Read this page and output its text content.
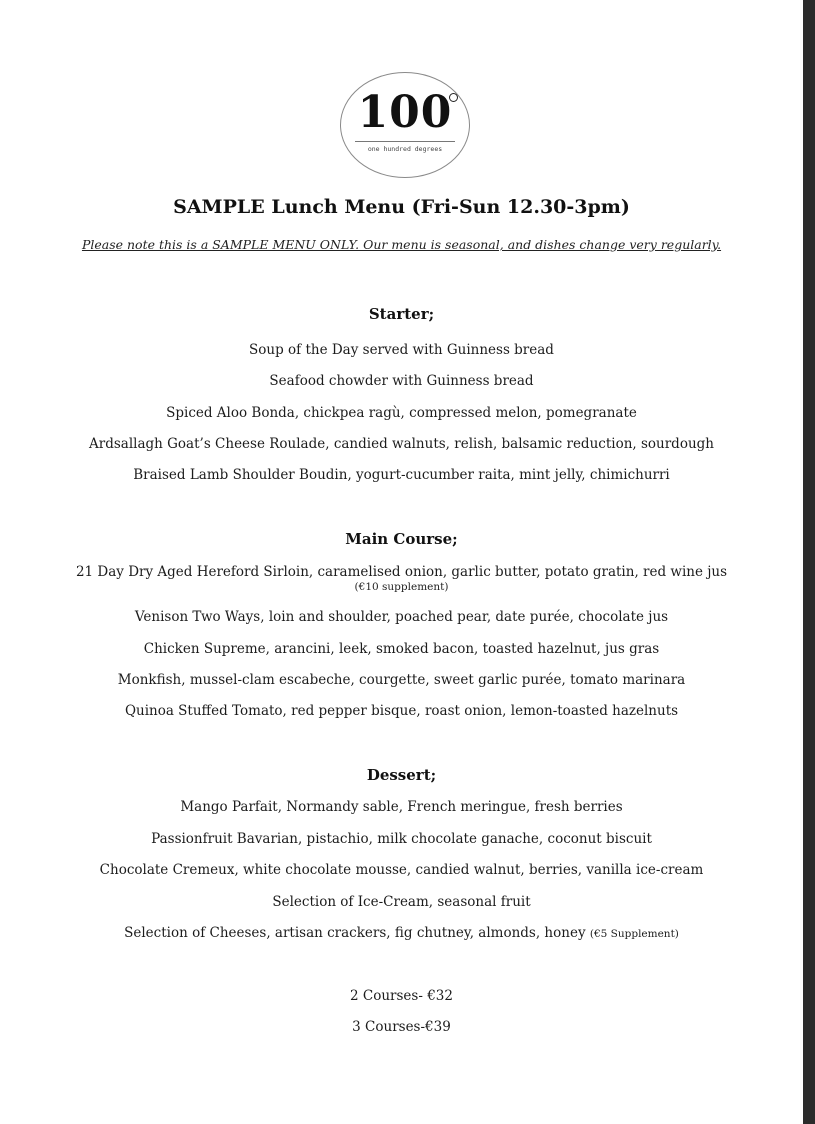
100
one hundred degrees
SAMPLE Lunch Menu (Fri-Sun 12.30-3pm)
Please note this is a SAMPLE MENU ONLY. Our menu is seasonal, and dishes change very regularly.
Starter;
Soup of the Day served with Guinness bread
Seafood chowder with Guinness bread
Spiced Aloo Bonda, chickpea ragù, compressed melon, pomegranate
Ardsallagh Goat’s Cheese Roulade, candied walnuts, relish, balsamic reduction, sourdough
Braised Lamb Shoulder Boudin, yogurt-cucumber raita, mint jelly, chimichurri
Main Course;
21 Day Dry Aged Hereford Sirloin, caramelised onion, garlic butter, potato gratin, red wine jus
(€10 supplement)
Venison Two Ways, loin and shoulder, poached pear, date purée, chocolate jus
Chicken Supreme, arancini, leek, smoked bacon, toasted hazelnut, jus gras
Monkfish, mussel-clam escabeche, courgette, sweet garlic purée, tomato marinara
Quinoa Stuffed Tomato, red pepper bisque, roast onion, lemon-toasted hazelnuts
Dessert;
Mango Parfait, Normandy sable, French meringue, fresh berries
Passionfruit Bavarian, pistachio, milk chocolate ganache, coconut biscuit
Chocolate Cremeux, white chocolate mousse, candied walnut, berries, vanilla ice-cream
Selection of Ice-Cream, seasonal fruit
Selection of Cheeses, artisan crackers, fig chutney, almonds, honey (€5 Supplement)
2 Courses- €32
3 Courses-€39
